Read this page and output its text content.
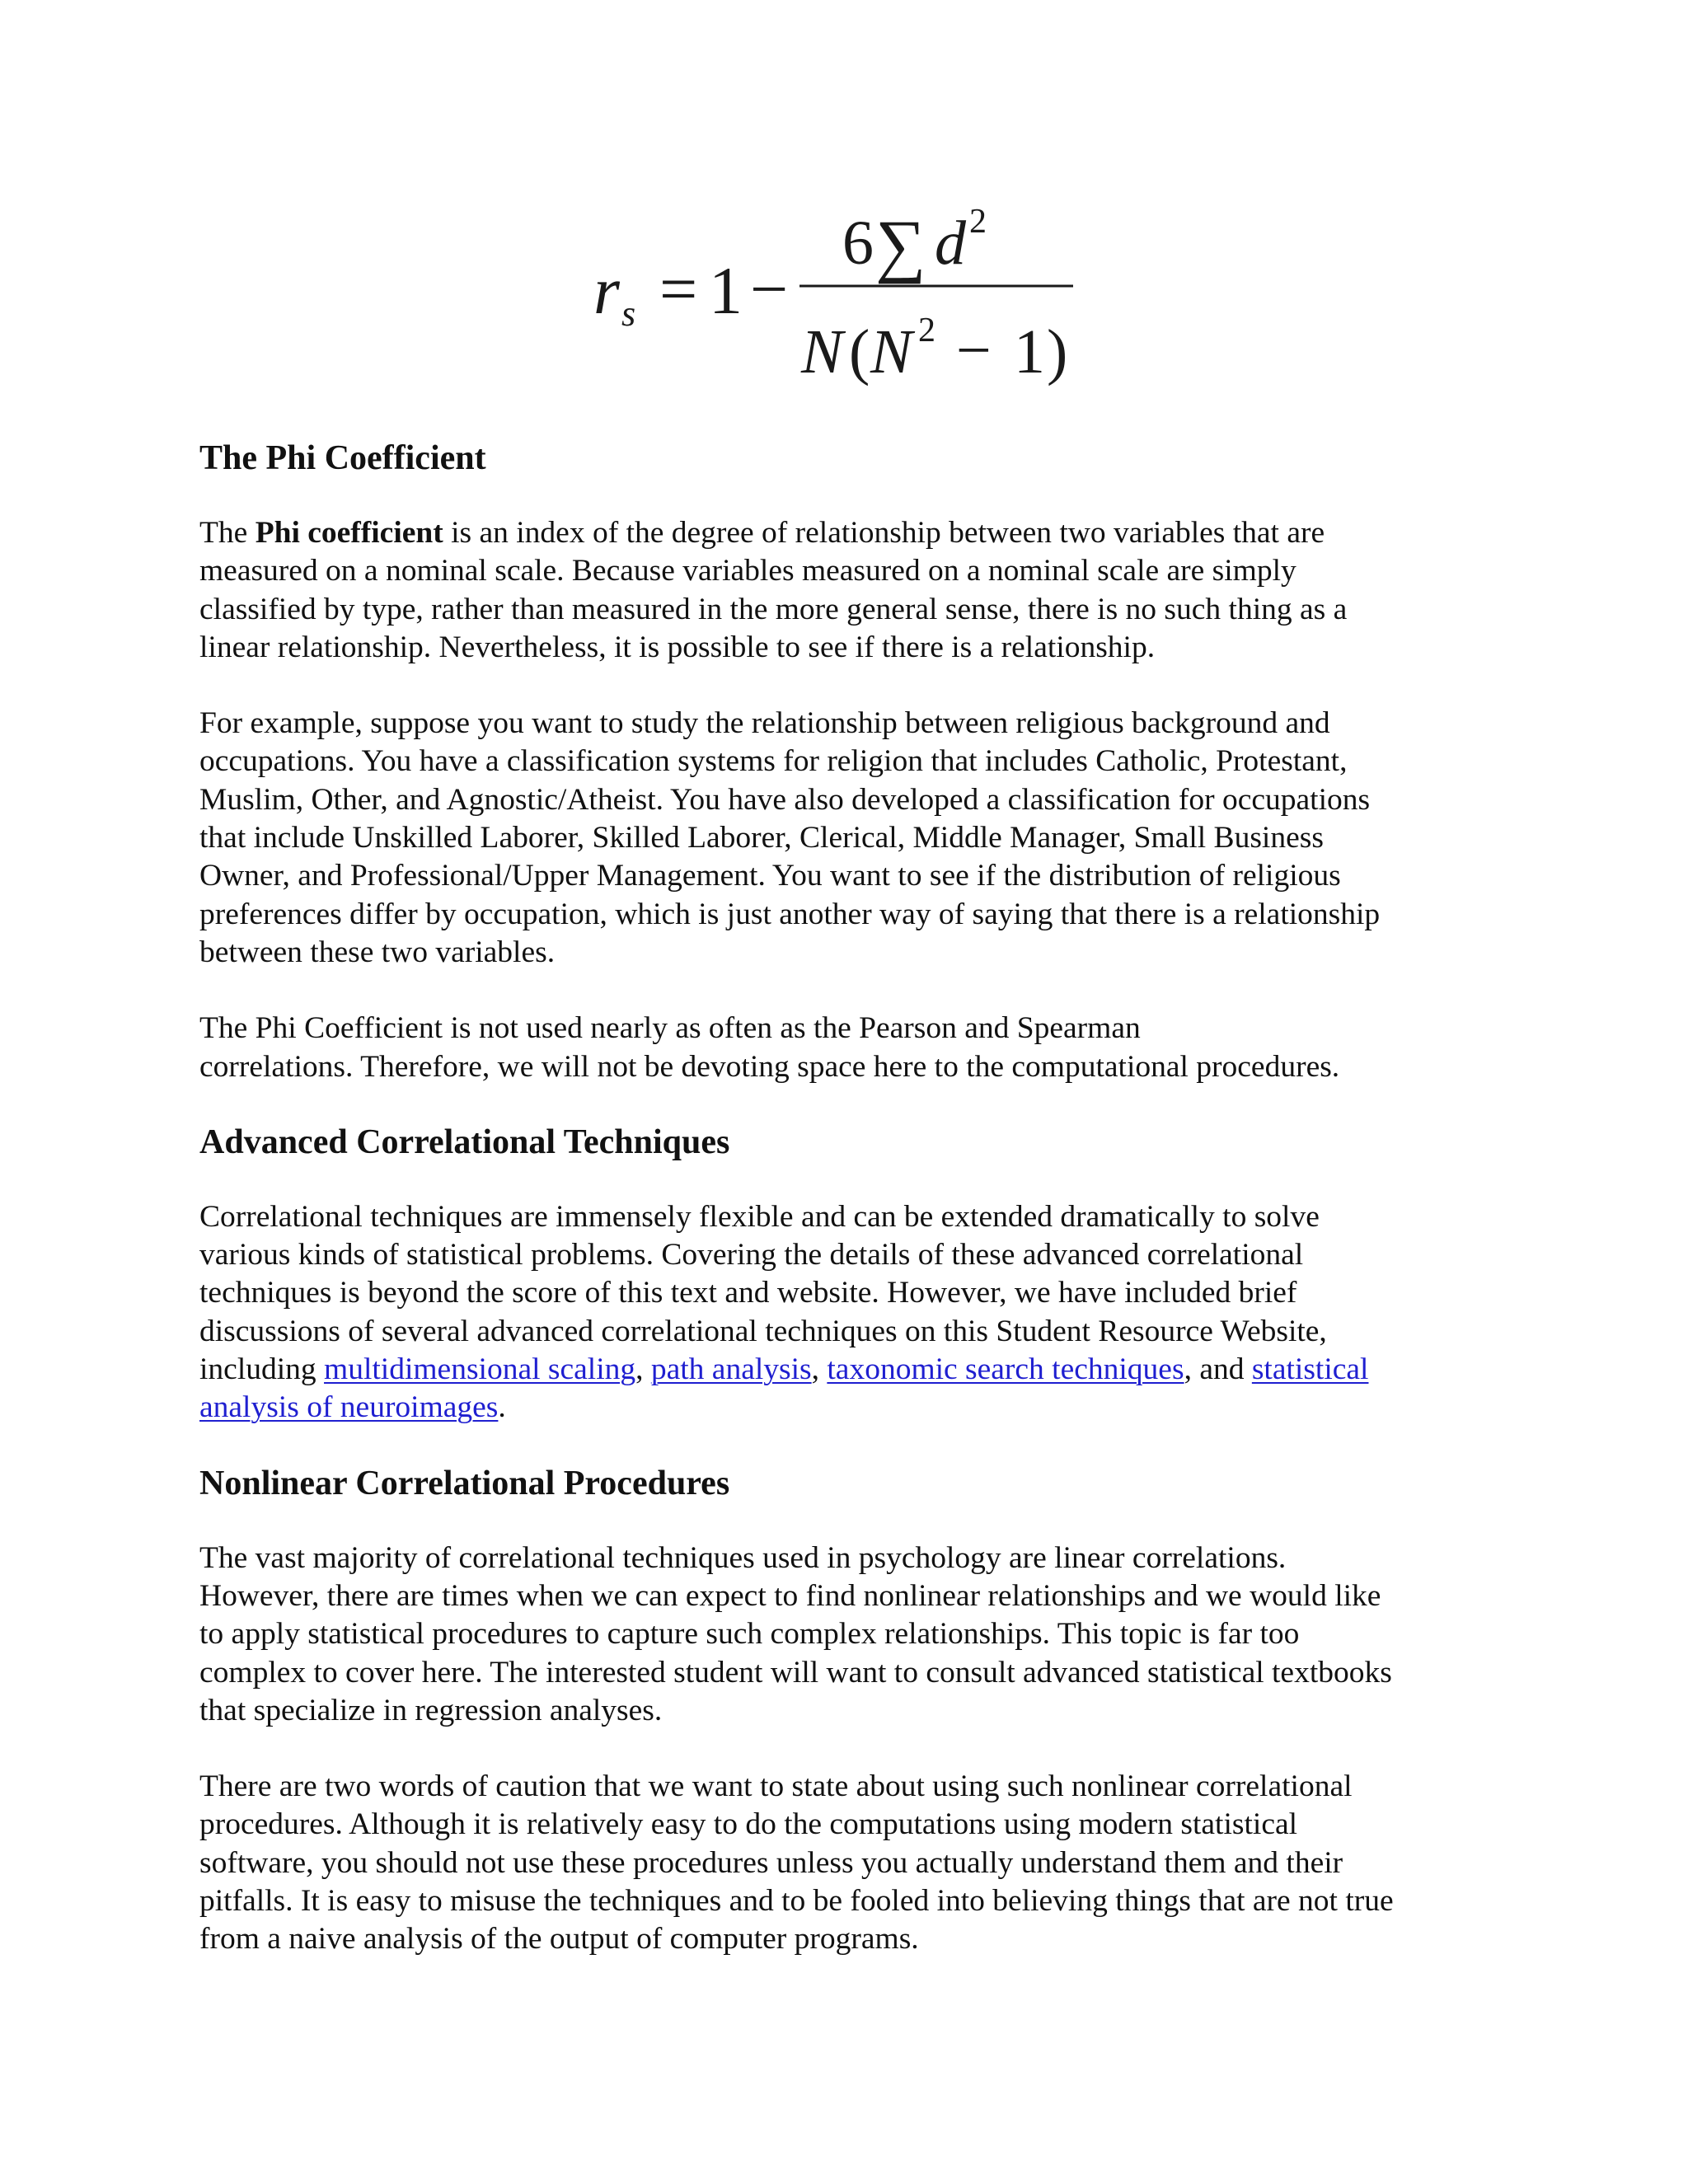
r s = 1 −
6 ∑ d 2
N ( N 2 − 1 )
The Phi Coefficient

The Phi coefficient is an index of the degree of relationship between two variables that are
measured on a nominal scale. Because variables measured on a nominal scale are simply
classified by type, rather than measured in the more general sense, there is no such thing as a
linear relationship. Nevertheless, it is possible to see if there is a relationship.

For example, suppose you want to study the relationship between religious background and
occupations. You have a classification systems for religion that includes Catholic, Protestant,
Muslim, Other, and Agnostic/Atheist. You have also developed a classification for occupations
that include Unskilled Laborer, Skilled Laborer, Clerical, Middle Manager, Small Business
Owner, and Professional/Upper Management. You want to see if the distribution of religious
preferences differ by occupation, which is just another way of saying that there is a relationship
between these two variables.

The Phi Coefficient is not used nearly as often as the Pearson and Spearman
correlations. Therefore, we will not be devoting space here to the computational procedures.

Advanced Correlational Techniques

Correlational techniques are immensely flexible and can be extended dramatically to solve
various kinds of statistical problems. Covering the details of these advanced correlational
techniques is beyond the score of this text and website. However, we have included brief
discussions of several advanced correlational techniques on this Student Resource Website,
including multidimensional scaling, path analysis, taxonomic search techniques, and statistical
analysis of neuroimages.

Nonlinear Correlational Procedures

The vast majority of correlational techniques used in psychology are linear correlations.
However, there are times when we can expect to find nonlinear relationships and we would like
to apply statistical procedures to capture such complex relationships. This topic is far too
complex to cover here. The interested student will want to consult advanced statistical textbooks
that specialize in regression analyses.

There are two words of caution that we want to state about using such nonlinear correlational
procedures. Although it is relatively easy to do the computations using modern statistical
software, you should not use these procedures unless you actually understand them and their
pitfalls. It is easy to misuse the techniques and to be fooled into believing things that are not true
from a naive analysis of the output of computer programs.
